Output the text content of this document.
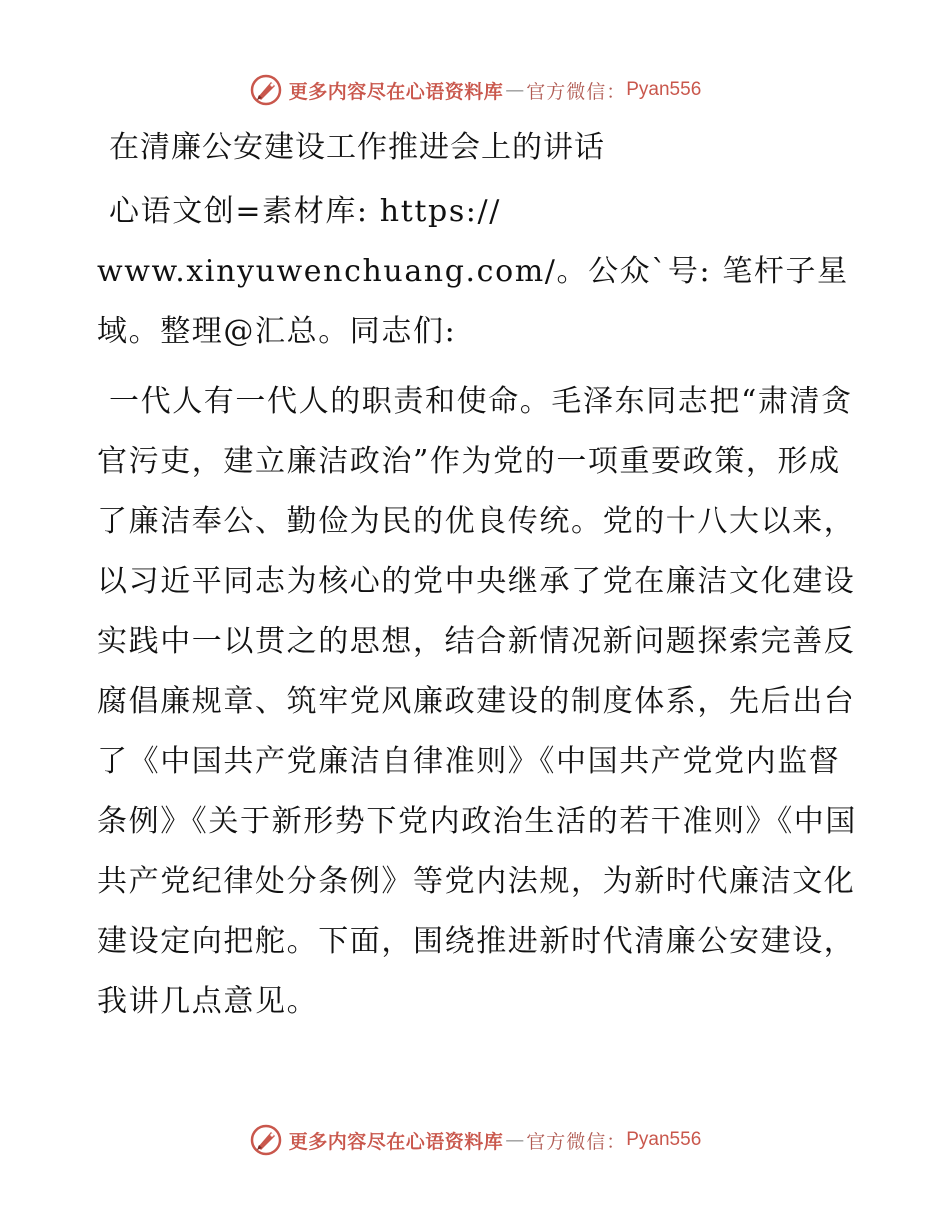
更多内容尽在心语资料库 — 官方微信： Pyan556
在清廉公安建设工作推进会上的讲话

心语文创=素材库: https:// www.xinyuwenchuang.com/。公众`号: 笔杆子星域。整理@汇总。同志们:

一代人有一代人的职责和使命。毛泽东同志把“肃清贪官污吏，建立廉洁政治”作为党的一项重要政策，形成了廉洁奉公、勤俭为民的优良传统。党的十八大以来，以习近平同志为核心的党中央继承了党在廉洁文化建设实践中一以贯之的思想，结合新情况新问题探索完善反腐倡廉规章、筑牢党风廉政建设的制度体系，先后出台了《中国共产党廉洁自律准则》《中国共产党党内监督条例》《关于新形势下党内政治生活的若干准则》《中国共产党纪律处分条例》等党内法规，为新时代廉洁文化建设定向把舵。下面，围绕推进新时代清廉公安建设，我讲几点意见。

更多内容尽在心语资料库 — 官方微信： Pyan556
